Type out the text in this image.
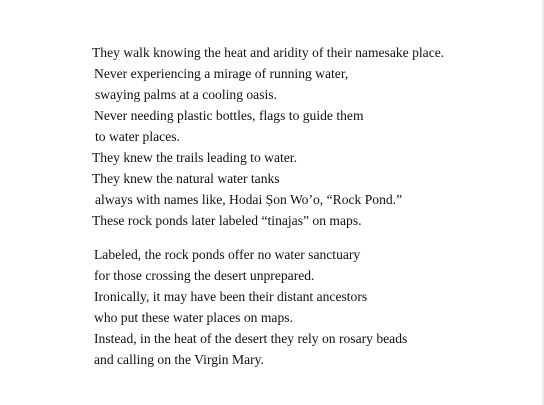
They walk knowing the heat and aridity of their namesake place.
Never experiencing a mirage of running water,
swaying palms at a cooling oasis.
Never needing plastic bottles, flags to guide them
to water places.
They knew the trails leading to water.
They knew the natural water tanks
always with names like, Hodai Ṣon Wo’o, “Rock Pond.”
These rock ponds later labeled “tinajas” on maps.
Labeled, the rock ponds offer no water sanctuary
for those crossing the desert unprepared.
Ironically, it may have been their distant ancestors
who put these water places on maps.
Instead, in the heat of the desert they rely on rosary beads
and calling on the Virgin Mary.
